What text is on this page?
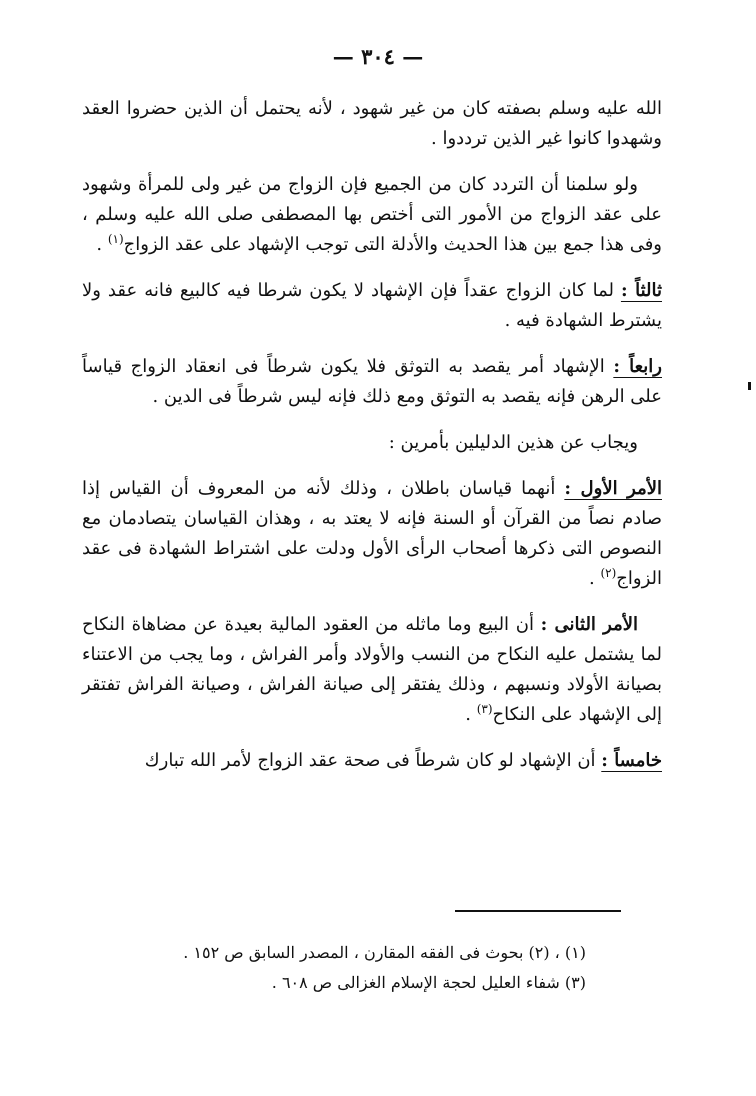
— ٣٠٤ —

الله عليه وسلم بصفته كان من غير شهود ، لأنه يحتمل أن الذين حضروا العقد وشهدوا كانوا غير الذين ترددوا .

ولو سلمنا أن التردد كان من الجميع فإن الزواج من غير ولى للمرأة وشهود على عقد الزواج من الأمور التى أختص بها المصطفى صلى الله عليه وسلم ، وفى هذا جمع بين هذا الحديث والأدلة التى توجب الإشهاد على عقد الزواج$^{(١)}$ .

ثالثاً : لما كان الزواج عقداً فإن الإشهاد لا يكون شرطا فيه كالبيع فانه عقد ولا يشترط الشهادة فيه .

رابعاً : الإشهاد أمر يقصد به التوثق فلا يكون شرطاً فى انعقاد الزواج قياساً على الرهن فإنه يقصد به التوثق ومع ذلك فإنه ليس شرطاً فى الدين .

ويجاب عن هذين الدليلين بأمرين :

الأمر الأول : أنهما قياسان باطلان ، وذلك لأنه من المعروف أن القياس إذا صادم نصاً من القرآن أو السنة فإنه لا يعتد به ، وهذان القياسان يتصادمان مع النصوص التى ذكرها أصحاب الرأى الأول ودلت على اشتراط الشهادة فى عقد الزواج$^{(٢)}$ .

الأمر الثانى : أن البيع وما ماثله من العقود المالية بعيدة عن مضاهاة النكاح لما يشتمل عليه النكاح من النسب والأولاد وأمر الفراش ، وما يجب من الاعتناء بصيانة الأولاد ونسبهم ، وذلك يفتقر إلى صيانة الفراش ، وصيانة الفراش تفتقر إلى الإشهاد على النكاح$^{(٣)}$ .

خامساً : أن الإشهاد لو كان شرطاً فى صحة عقد الزواج لأمر الله تبارك

(١) ، (٢) بحوث فى الفقه المقارن ، المصدر السابق ص ١٥٢ .

(٣) شفاء العليل لحجة الإسلام الغزالى ص ٦٠٨ .
